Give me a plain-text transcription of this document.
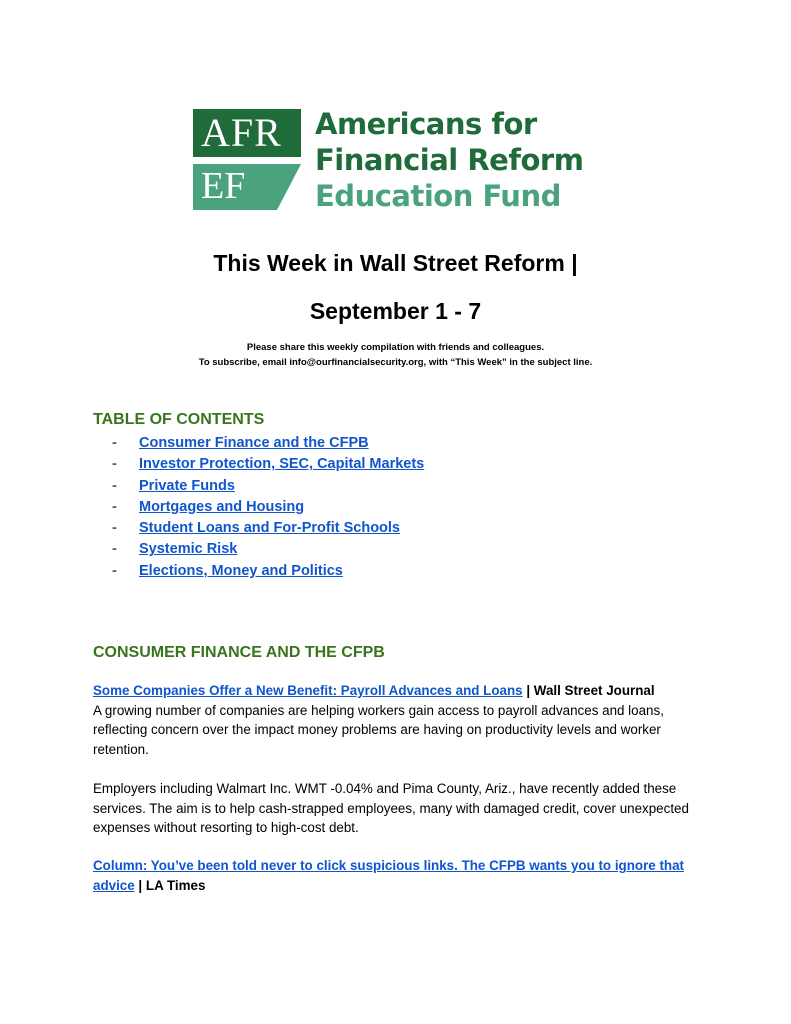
AFR
EF
Americans for
Financial Reform
Education Fund
This Week in Wall Street Reform |
September 1 - 7
Please share this weekly compilation with friends and colleagues.
To subscribe, email info@ourfinancialsecurity.org, with “This Week” in the subject line.
TABLE OF CONTENTS
- Consumer Finance and the CFPB
- Investor Protection, SEC, Capital Markets
- Private Funds
- Mortgages and Housing
- Student Loans and For-Profit Schools
- Systemic Risk
- Elections, Money and Politics
CONSUMER FINANCE AND THE CFPB
Some Companies Offer a New Benefit: Payroll Advances and Loans | Wall Street Journal
A growing number of companies are helping workers gain access to payroll advances and loans, reflecting concern over the impact money problems are having on productivity levels and worker retention.
Employers including Walmart Inc. WMT -0.04% and Pima County, Ariz., have recently added these services. The aim is to help cash-strapped employees, many with damaged credit, cover unexpected expenses without resorting to high-cost debt.
Column: You’ve been told never to click suspicious links. The CFPB wants you to ignore that advice | LA Times
